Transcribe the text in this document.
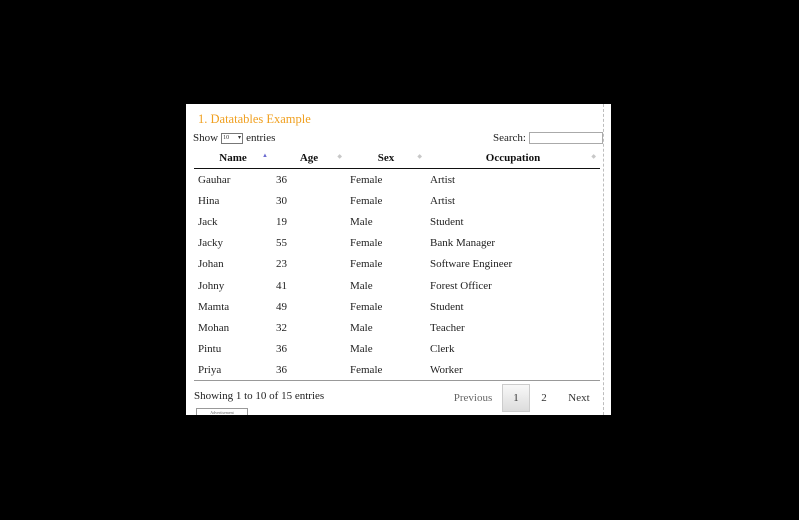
1. Datatables Example
Show 10 ▾ entries	Search:
Name ▲	Age ◆	Sex ◆	Occupation ◆

Gauhar	36	Female	Artist
Hina	30	Female	Artist
Jack	19	Male	Student
Jacky	55	Female	Bank Manager
Johan	23	Female	Software Engineer
Johny	41	Male	Forest Officer
Mamta	49	Female	Student
Mohan	32	Male	Teacher
Pintu	36	Male	Clerk
Priya	36	Female	Worker
Showing 1 to 10 of 15 entries	Previous	1	2	Next
Advertisement
